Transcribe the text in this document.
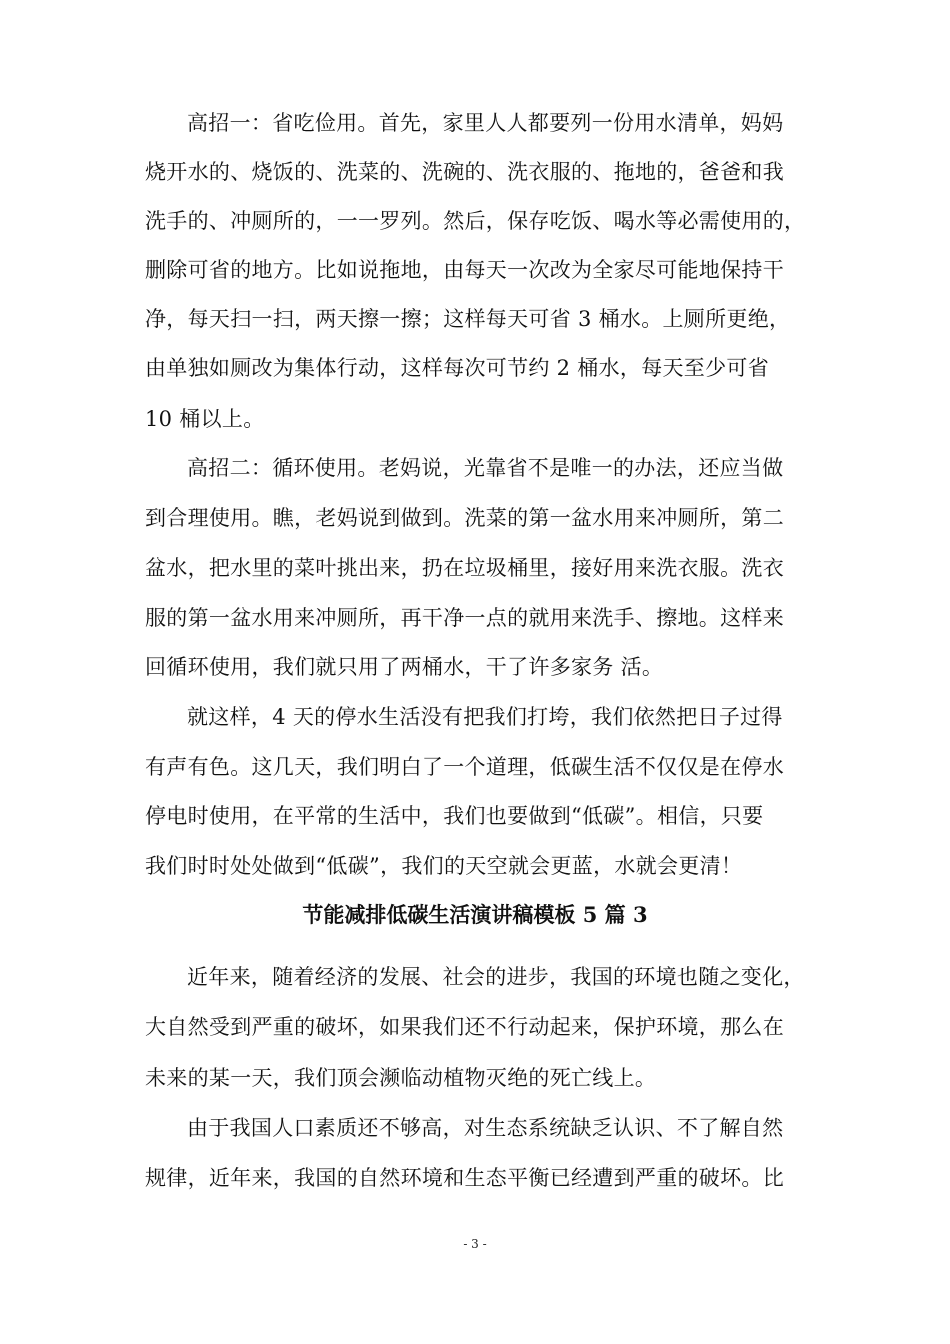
高招一：省吃俭用。首先，家里人人都要列一份用水清单，妈妈
烧开水的、烧饭的、洗菜的、洗碗的、洗衣服的、拖地的，爸爸和我
洗手的、冲厕所的，一一罗列。然后，保存吃饭、喝水等必需使用的，
删除可省的地方。比如说拖地，由每天一次改为全家尽可能地保持干
净，每天扫一扫，两天擦一擦；这样每天可省 3 桶水。上厕所更绝，
由单独如厕改为集体行动，这样每次可节约 2 桶水，每天至少可省
10 桶以上。
高招二：循环使用。老妈说，光靠省不是唯一的办法，还应当做
到合理使用。瞧，老妈说到做到。洗菜的第一盆水用来冲厕所，第二
盆水，把水里的菜叶挑出来，扔在垃圾桶里，接好用来洗衣服。洗衣
服的第一盆水用来冲厕所，再干净一点的就用来洗手、擦地。这样来
回循环使用，我们就只用了两桶水，干了许多家务 活。
就这样，4 天的停水生活没有把我们打垮，我们依然把日子过得
有声有色。这几天，我们明白了一个道理，低碳生活不仅仅是在停水
停电时使用，在平常的生活中，我们也要做到“低碳”。相信，只要
我们时时处处做到“低碳”，我们的天空就会更蓝，水就会更清！
节能减排低碳生活演讲稿模板 5 篇 3
近年来，随着经济的发展、社会的进步，我国的环境也随之变化，
大自然受到严重的破坏，如果我们还不行动起来，保护环境，那么在
未来的某一天，我们顶会濒临动植物灭绝的死亡线上。
由于我国人口素质还不够高，对生态系统缺乏认识、不了解自然
规律，近年来，我国的自然环境和生态平衡已经遭到严重的破坏。比
- 3 -
